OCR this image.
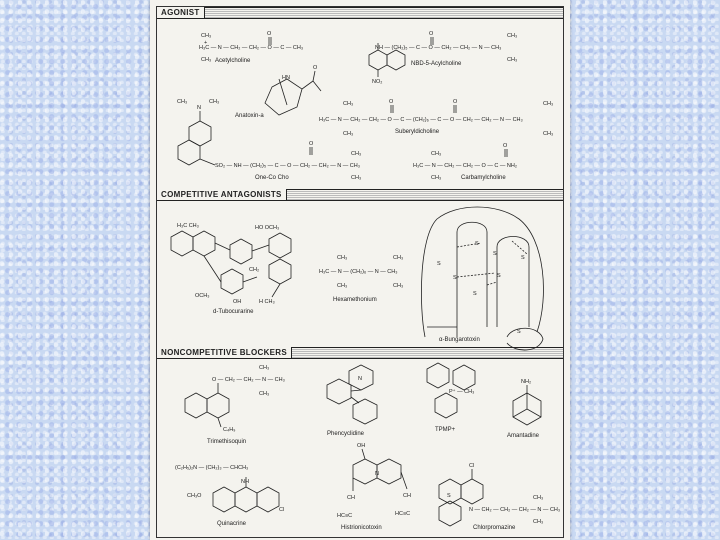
AGONIST
COMPETITIVE ANTAGONISTS
NONCOMPETITIVE BLOCKERS
CH₃
H₃C — N — CH₂ — CH₂ — O — C — CH₃
+
O
CH₃ Acetylcholine
CH₃
NH — (CH₂)₅ — C — O — CH₂ — CH₂ — N — CH₃
O
CH₃
NO₂
NBD-5-Acylcholine
HN
O
Anatoxin-a
CH₃
N
CH₃	CH₃	CH₃
H₃C — N — CH₂ — CH₂ — O — C — (CH₂)₆ — C — O — CH₂ — CH₂ — N — CH₃
O	O
CH₃	CH₃
Suberyldicholine
SO₂ — NH — (CH₂)₅ — C — O — CH₂ — CH₂ — N — CH₃
O
CH₃
CH₃
One-Co Cho
CH₃
H₃C — N — CH₂ — CH₂ — O — C — NH₂
O
CH₃	Carbamylcholine
H₃C CH₃	HO OCH₃
OCH₃
OH
CH₂
H CH₃
d-Tubocurarine
CH₃	CH₃
H₃C — N — (CH₂)₆ — N — CH₃
CH₃	CH₃
Hexamethonium
S
S
S
S
S	S
S
S
α-Bungarotoxin
CH₃
O — CH₂ — CH₂ — N — CH₃
CH₃
C₄H₉
Trimethisoquin
N
Phencyclidine
P⁺ — CH₃
TPMP+
NH₂
Amantadine
(C₂H₅)₂N — (CH₂)₃ — CHCH₃
NH
CH₃O
Cl
Quinacrine
OH
N
CH	CH
HC≡C	HC≡C
Histrionicotoxin
Cl
S
N — CH₂ — CH₂ — CH₂ — N — CH₃
CH₃
CH₃
Chlorpromazine
